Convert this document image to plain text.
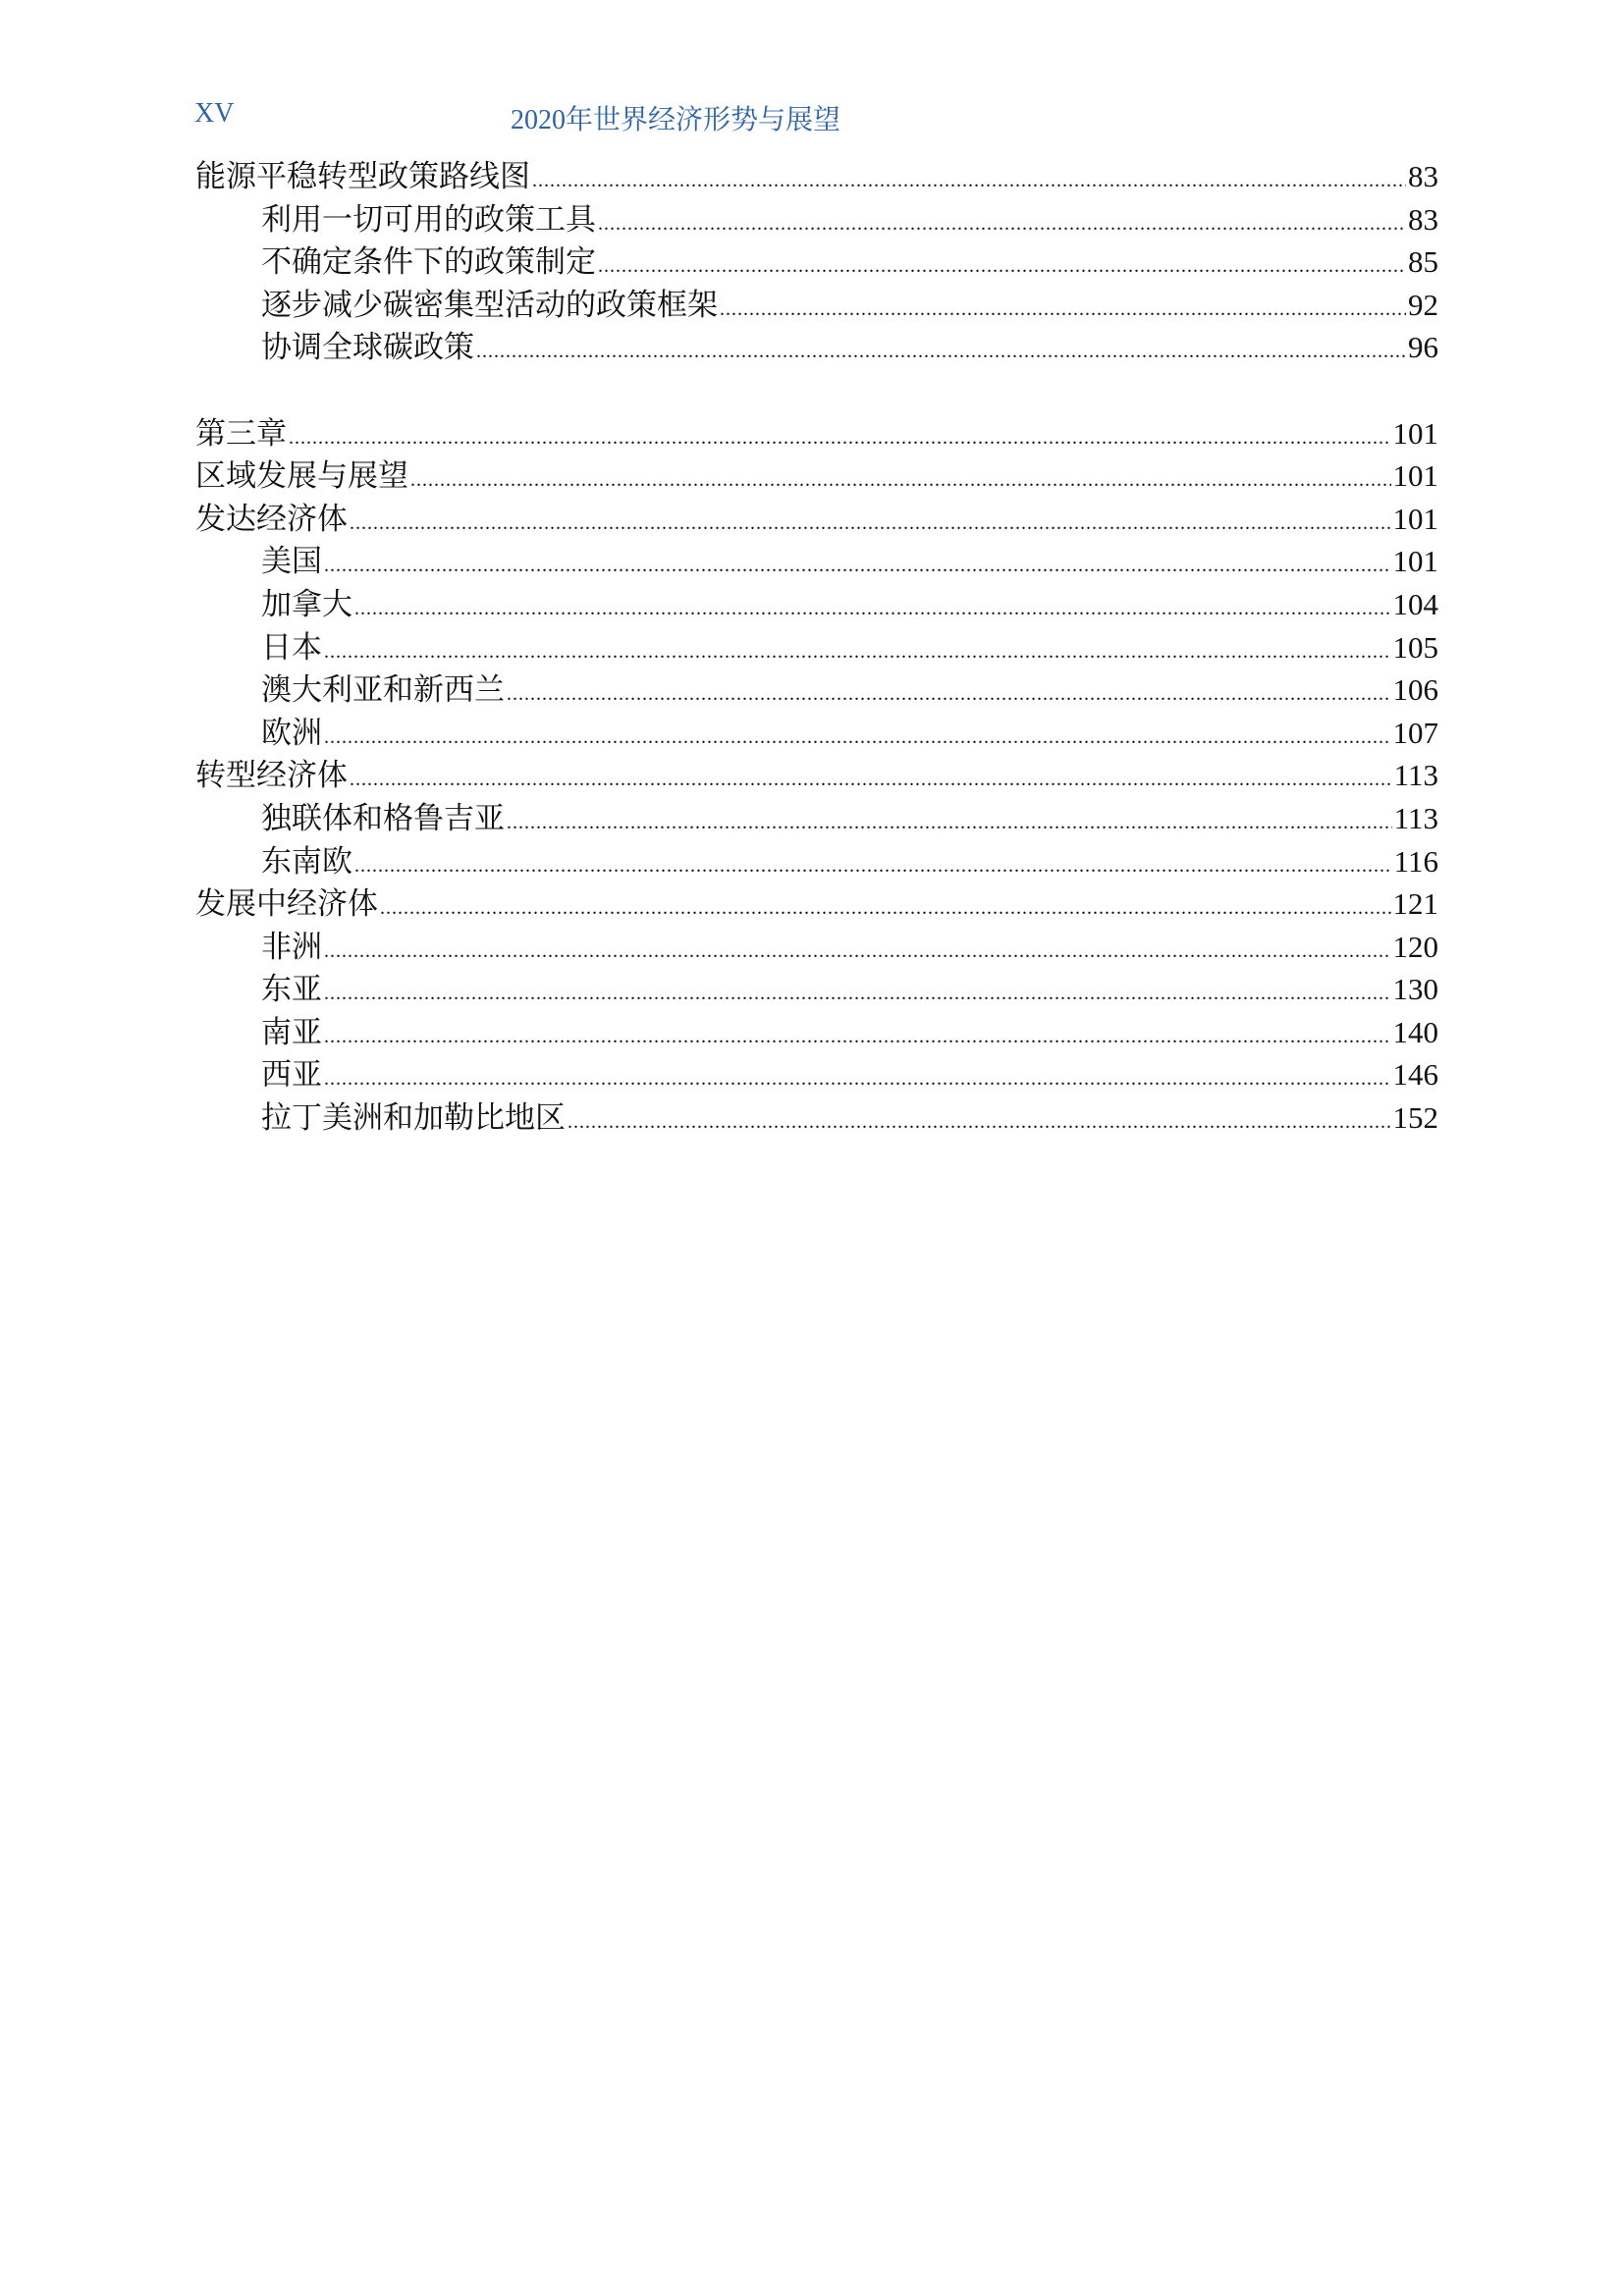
XV	2020年世界经济形势与展望
能源平稳转型政策路线图 .....	83
利用一切可用的政策工具 .....	83
不确定条件下的政策制定 .....	85
逐步减少碳密集型活动的政策框架 .....	92
协调全球碳政策 .....	96
第三章 .....	101
区域发展与展望 .....	101
发达经济体 .....	101
美国 .....	101
加拿大 .....	104
日本 .....	105
澳大利亚和新西兰 .....	106
欧洲 .....	107
转型经济体 .....	113
独联体和格鲁吉亚 .....	113
东南欧 .....	116
发展中经济体 .....	121
非洲 .....	120
东亚 .....	130
南亚 .....	140
西亚 .....	146
拉丁美洲和加勒比地区 .....	152
